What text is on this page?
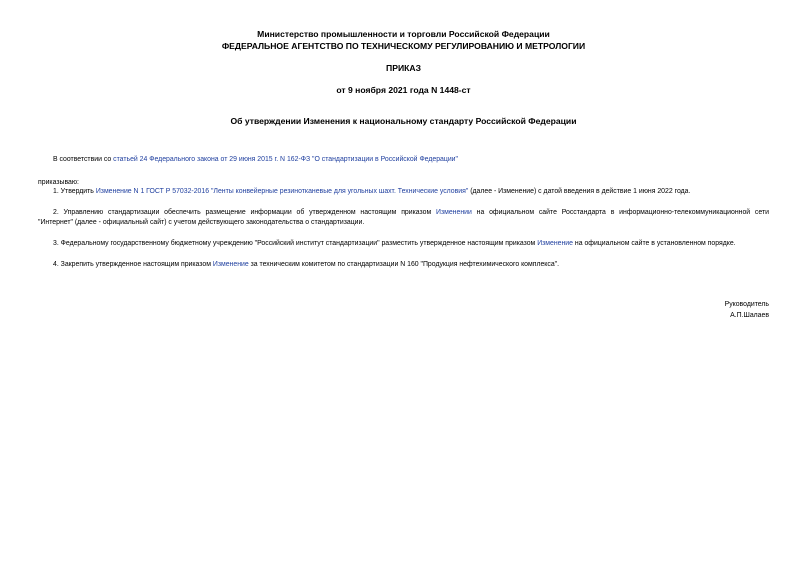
Министерство промышленности и торговли Российской Федерации
ФЕДЕРАЛЬНОЕ АГЕНТСТВО ПО ТЕХНИЧЕСКОМУ РЕГУЛИРОВАНИЮ И МЕТРОЛОГИИ
ПРИКАЗ
от 9 ноября 2021 года N 1448-ст
Об утверждении Изменения к национальному стандарту Российской Федерации
В соответствии со статьей 24 Федерального закона от 29 июня 2015 г. N 162-ФЗ "О стандартизации в Российской Федерации"
приказываю:
1. Утвердить Изменение N 1 ГОСТ Р 57032-2016 "Ленты конвейерные резинотканевые для угольных шахт. Технические условия" (далее - Изменение) с датой введения в действие 1 июня 2022 года.
2. Управлению стандартизации обеспечить размещение информации об утвержденном настоящим приказом Изменении на официальном сайте Росстандарта в информационно-телекоммуникационной сети
"Интернет" (далее - официальный сайт) с учетом действующего законодательства о стандартизации.
3. Федеральному государственному бюджетному учреждению "Российский институт стандартизации" разместить утвержденное настоящим приказом Изменение на официальном сайте в установленном порядке.
4. Закрепить утвержденное настоящим приказом Изменение за техническим комитетом по стандартизации N 160 "Продукция нефтехимического комплекса".
Руководитель
А.П.Шалаев
